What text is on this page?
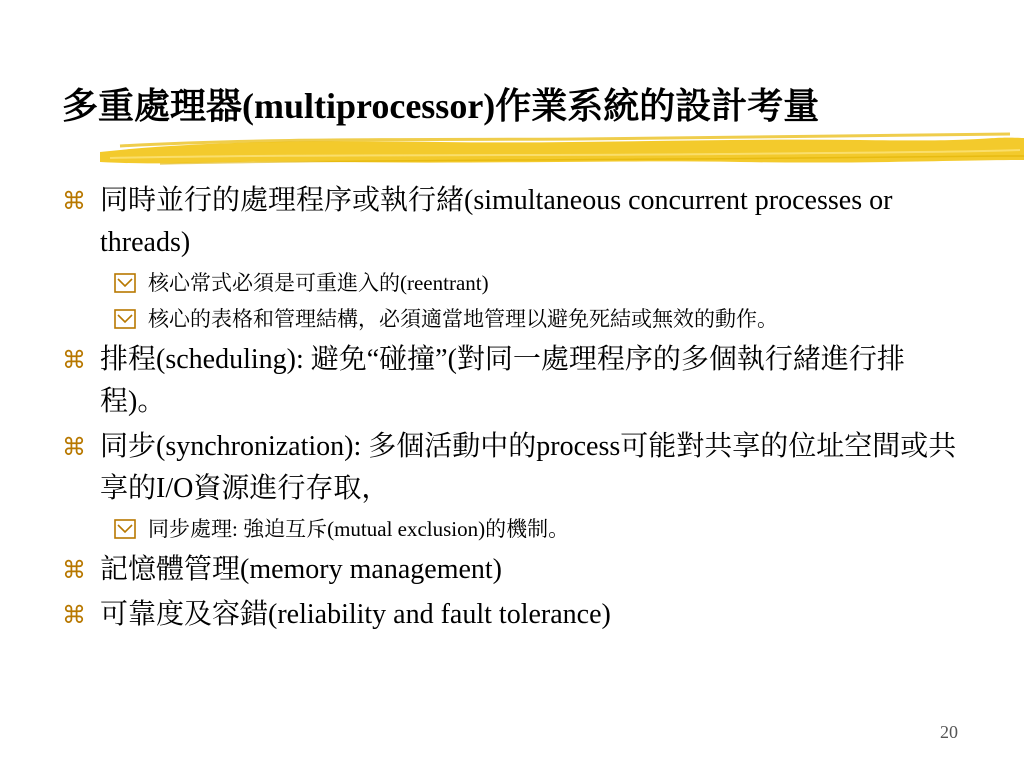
多重處理器(multiprocessor)作業系統的設計考量
⌘ 同時並行的處理程序或執行緒(simultaneous concurrent processes or threads)
核心常式必須是可重進入的(reentrant)
核心的表格和管理結構，必須適當地管理以避免死結或無效的動作。
⌘ 排程(scheduling): 避免“碰撞”(對同一處理程序的多個執行緒進行排程)。
⌘ 同步(synchronization): 多個活動中的process可能對共享的位址空間或共享的I/O資源進行存取，
同步處理: 強迫互斥(mutual exclusion)的機制。
⌘ 記憶體管理(memory management)
⌘ 可靠度及容錯(reliability and fault tolerance)
20
